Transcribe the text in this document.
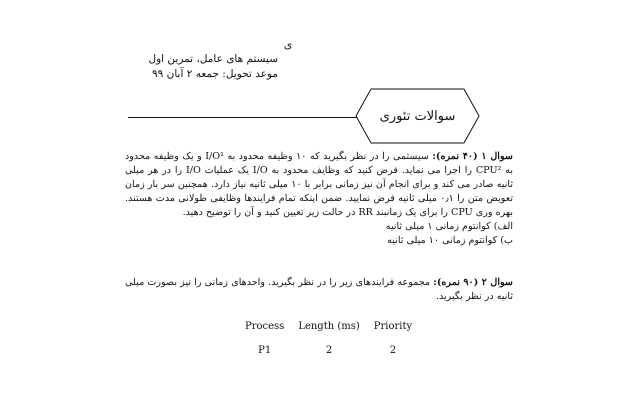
ی
سیستم های عامل، تمرین اول
موعد تحویل: جمعه ۲ آبان ۹۹
سوالات تئوری
سوال ۱ (۴۰ نمره): سیستمی را در نظر بگیرید که ۱۰ وظیفه محدود به I/O¹ و یک وظیفه محدود به CPU² را اجرا می نماید. فرض کنید که وظایف محدود به I/O یک عملیات I/O را در هر میلی ثانیه صادر می کند و برای انجام آن نیز زمانی برابر با ۱۰ میلی ثانیه نیاز دارد. همچنین سر بار زمان تعویض متن را ۰٫۱ میلی ثانیه فرض نمایید. ضمن اینکه تمام فرایندها وظایفی طولانی مدت هستند. بهره وری CPU را برای یک زمانبند RR در حالت زیر تعیین کنید و آن را توضیح دهید.
الف) کوانتوم زمانی ۱ میلی ثانیه
ب) کوانتوم زمانی ۱۰ میلی ثانیه
سوال ۲ (۹۰ نمره): مجموعه فرایندهای زیر را در نظر بگیرید. واحدهای زمانی را نیز بصورت میلی ثانیه در نظر بگیرید.
Process	Length (ms)	Priority
P1	2	2
